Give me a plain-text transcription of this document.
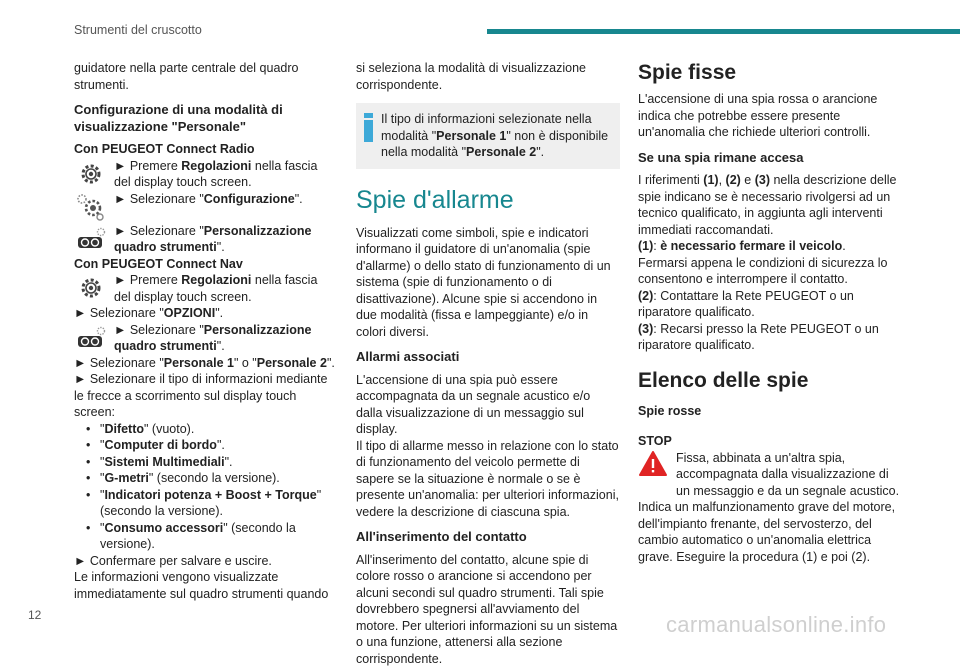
Strumenti del cruscotto

guidatore nella parte centrale del quadro strumenti.

Configurazione di una modalità di visualizzazione "Personale"

Con PEUGEOT Connect Radio

► Premere Regolazioni nella fascia del display touch screen.
► Selezionare "Configurazione".
► Selezionare "Personalizzazione quadro strumenti".

Con PEUGEOT Connect Nav

► Premere Regolazioni nella fascia del display touch screen.

► Selezionare "OPZIONI".

► Selezionare "Personalizzazione quadro strumenti".

► Selezionare "Personale 1" o "Personale 2".

► Selezionare il tipo di informazioni mediante le frecce a scorrimento sul display touch screen:

• "Difetto" (vuoto).
• "Computer di bordo".
• "Sistemi Multimediali".
• "G-metri" (secondo la versione).
• "Indicatori potenza + Boost + Torque" (secondo la versione).
• "Consumo accessori" (secondo la versione).

► Confermare per salvare e uscire.

Le informazioni vengono visualizzate immediatamente sul quadro strumenti quando

si seleziona la modalità di visualizzazione corrispondente.

Il tipo di informazioni selezionate nella modalità "Personale 1" non è disponibile nella modalità "Personale 2".
Spie d'allarme

Visualizzati come simboli, spie e indicatori informano il guidatore di un'anomalia (spie d'allarme) o dello stato di funzionamento di un sistema (spie di funzionamento o di disattivazione). Alcune spie si accendono in due modalità (fissa e lampeggiante) e/o in colori diversi.

Allarmi associati

L'accensione di una spia può essere accompagnata da un segnale acustico e/o dalla visualizzazione di un messaggio sul display.
Il tipo di allarme messo in relazione con lo stato di funzionamento del veicolo permette di sapere se la situazione è normale o se è presente un'anomalia: per ulteriori informazioni, vedere la descrizione di ciascuna spia.

All'inserimento del contatto

All'inserimento del contatto, alcune spie di colore rosso o arancione si accendono per alcuni secondi sul quadro strumenti. Tali spie dovrebbero spegnersi all'avviamento del motore. Per ulteriori informazioni su un sistema o una funzione, attenersi alla sezione corrispondente.

Spie fisse

L'accensione di una spia rossa o arancione indica che potrebbe essere presente un'anomalia che richiede ulteriori controlli.

Se una spia rimane accesa

I riferimenti (1), (2) e (3) nella descrizione delle spie indicano se è necessario rivolgersi ad un tecnico qualificato, in aggiunta agli interventi immediati raccomandati.

(1): è necessario fermare il veicolo.

Fermarsi appena le condizioni di sicurezza lo consentono e interrompere il contatto.

(2): Contattare la Rete PEUGEOT o un riparatore qualificato.

(3): Recarsi presso la Rete PEUGEOT o un riparatore qualificato.

Elenco delle spie

Spie rosse

STOP

Fissa, abbinata a un'altra spia, accompagnata dalla visualizzazione di un messaggio e da un segnale acustico.

Indica un malfunzionamento grave del motore, dell'impianto frenante, del servosterzo, del cambio automatico o un'anomalia elettrica grave. Eseguire la procedura (1) e poi (2).

12	carmanualsonline.info
